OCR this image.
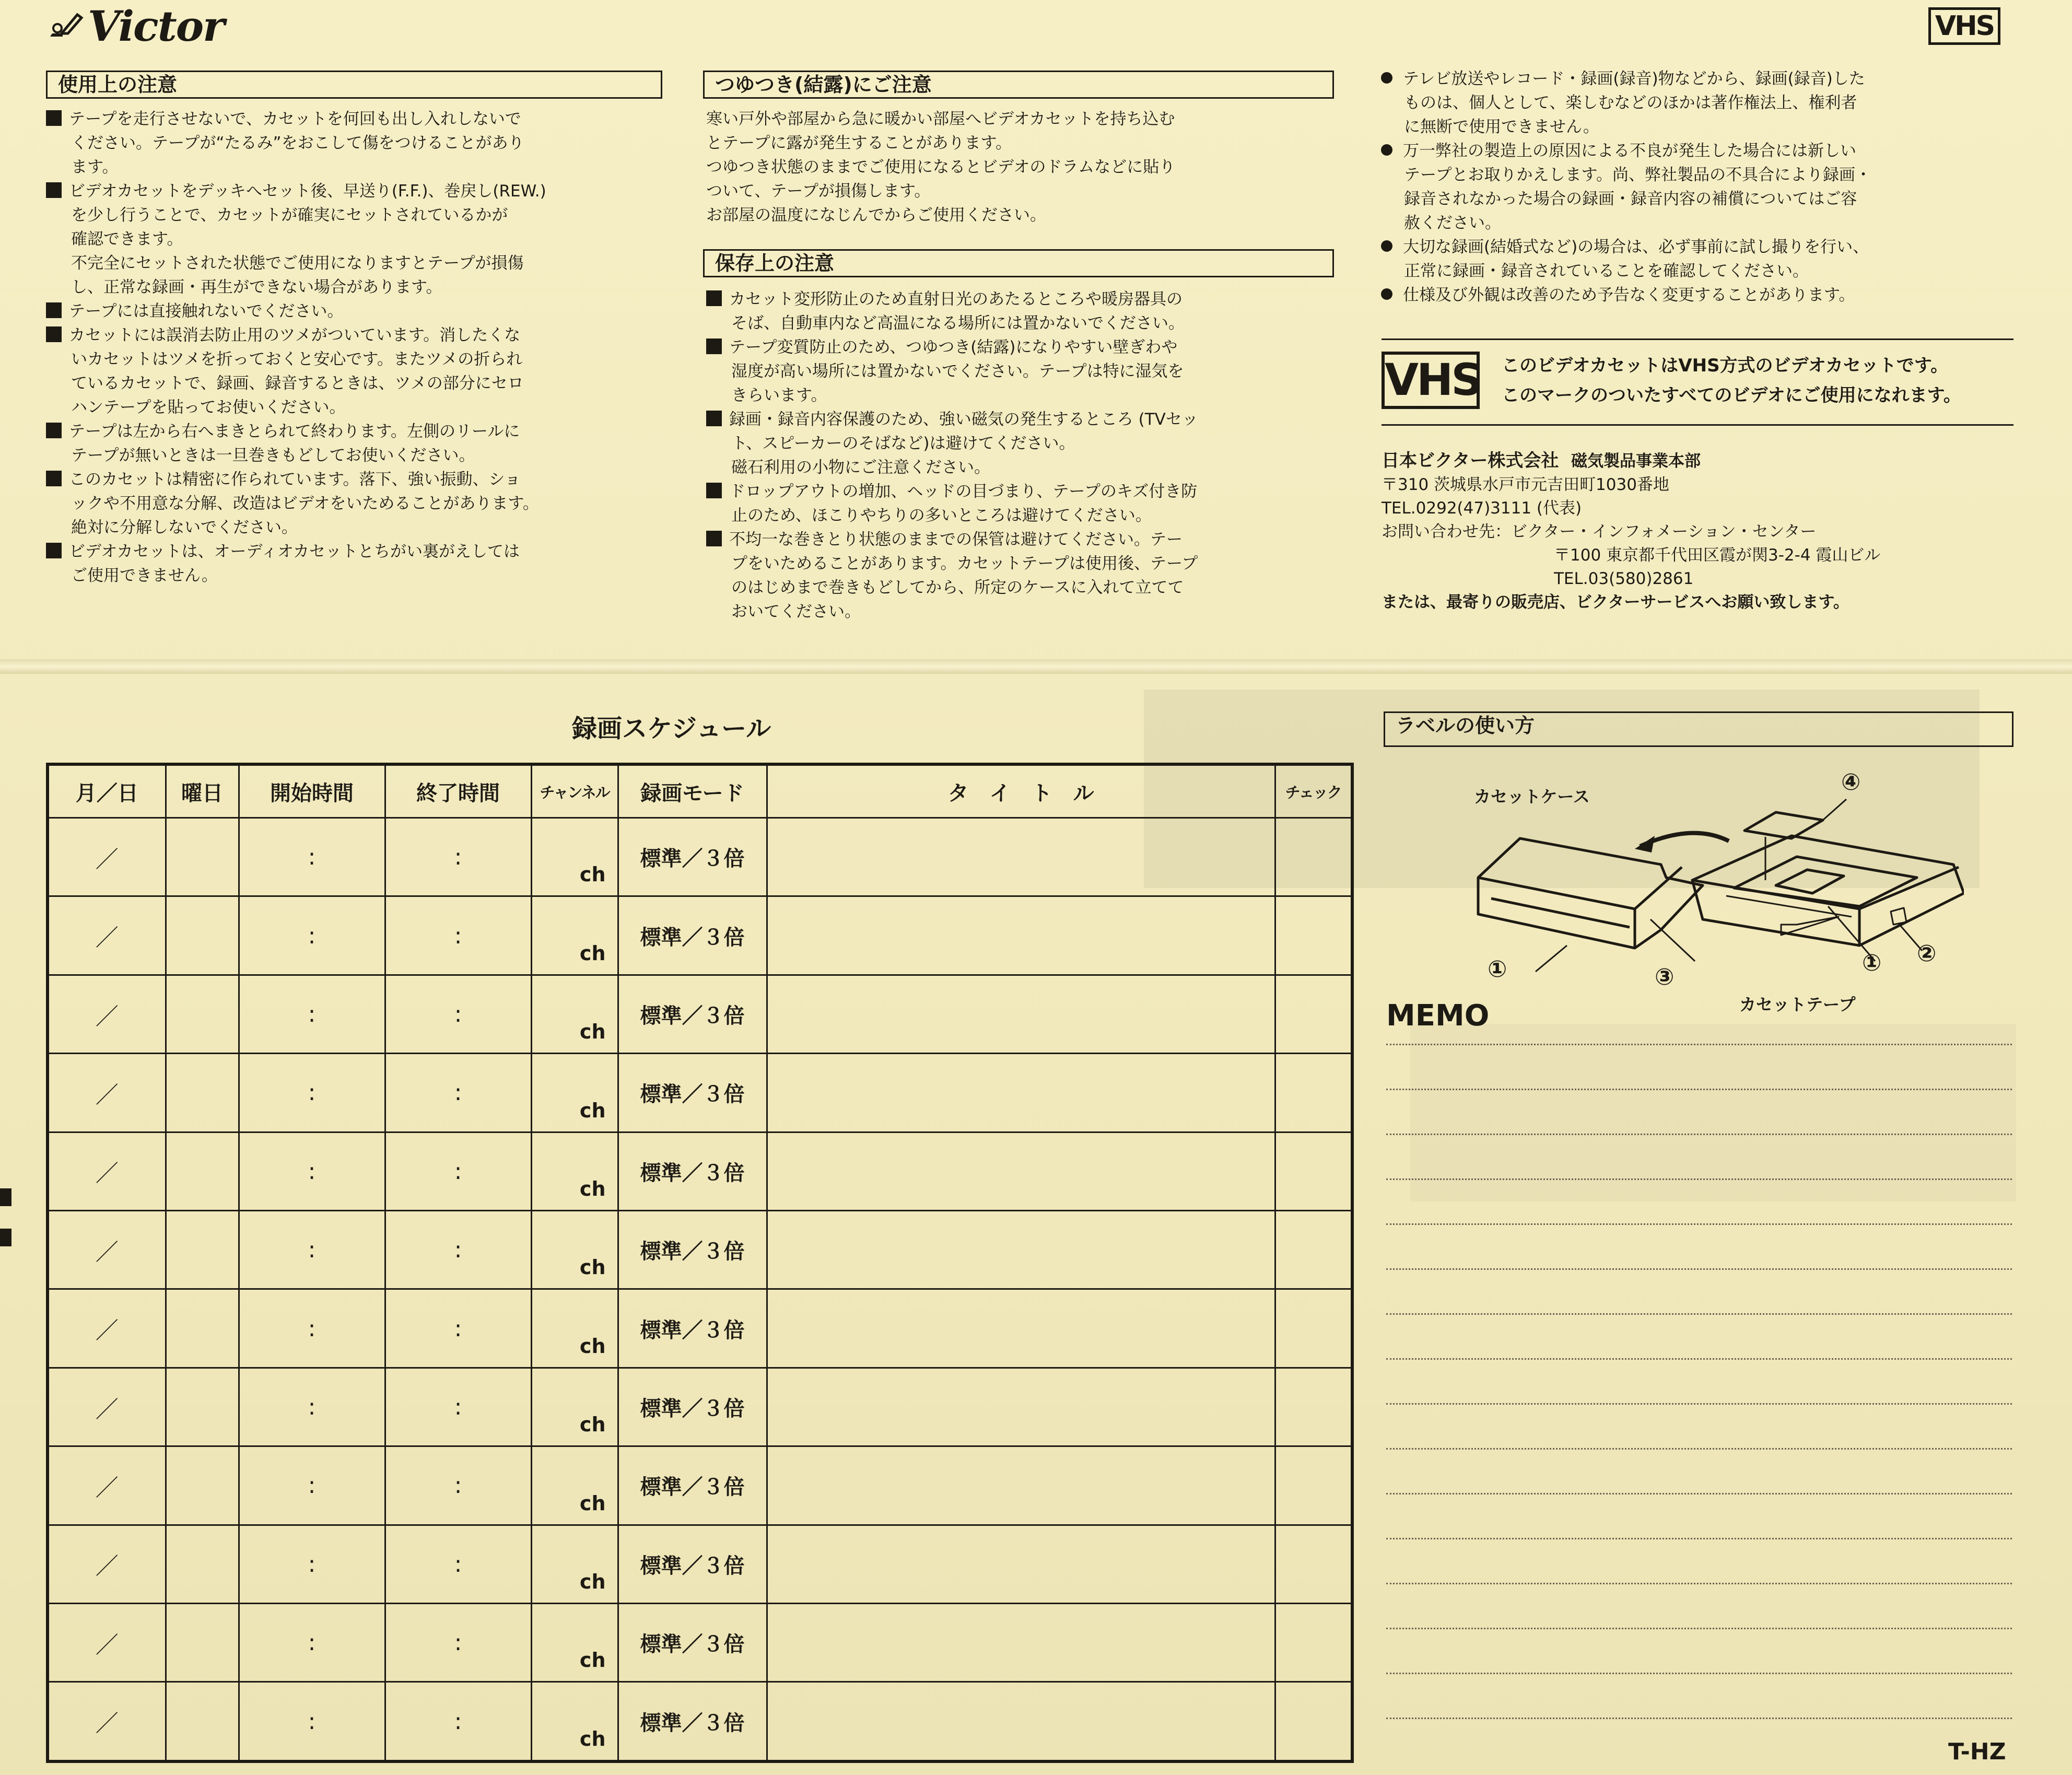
Victor	VHS
使用上の注意

テープを走行させないで、カセットを何回も出し入れしないで

ください。テープが“たるみ”をおこして傷をつけることがあり

ます。

ビデオカセットをデッキへセット後、早送り(F.F.)、巻戻し(REW.)

を少し行うことで、カセットが確実にセットされているかが

確認できます。

不完全にセットされた状態でご使用になりますとテープが損傷

し、正常な録画・再生ができない場合があります。

テープには直接触れないでください。

カセットには誤消去防止用のツメがついています。消したくな

いカセットはツメを折っておくと安心です。またツメの折られ

ているカセットで、録画、録音するときは、ツメの部分にセロ

ハンテープを貼ってお使いください。

テープは左から右へまきとられて終わります。左側のリールに

テープが無いときは一旦巻きもどしてお使いください。

このカセットは精密に作られています。落下、強い振動、ショ

ックや不用意な分解、改造はビデオをいためることがあります。

絶対に分解しないでください。

ビデオカセットは、オーディオカセットとちがい裏がえしては

ご使用できません。

つゆつき(結露)にご注意

寒い戸外や部屋から急に暖かい部屋へビデオカセットを持ち込む

とテープに露が発生することがあります。

つゆつき状態のままでご使用になるとビデオのドラムなどに貼り

ついて、テープが損傷します。

お部屋の温度になじんでからご使用ください。

保存上の注意

カセット変形防止のため直射日光のあたるところや暖房器具の

そば、自動車内など高温になる場所には置かないでください。

テープ変質防止のため、つゆつき(結露)になりやすい壁ぎわや

湿度が高い場所には置かないでください。テープは特に湿気を

きらいます。

録画・録音内容保護のため、強い磁気の発生するところ (TVセッ

ト、スピーカーのそばなど)は避けてください。

磁石利用の小物にご注意ください。

ドロップアウトの増加、ヘッドの目づまり、テープのキズ付き防

止のため、ほこりやちりの多いところは避けてください。

不均一な巻きとり状態のままでの保管は避けてください。テー

プをいためることがあります。カセットテープは使用後、テープ

のはじめまで巻きもどしてから、所定のケースに入れて立てて

おいてください。

テレビ放送やレコード・録画(録音)物などから、録画(録音)した

ものは、個人として、楽しむなどのほかは著作権法上、権利者

に無断で使用できません。

万一弊社の製造上の原因による不良が発生した場合には新しい

テープとお取りかえします。尚、弊社製品の不具合により録画・

録音されなかった場合の録画・録音内容の補償についてはご容

赦ください。

大切な録画(結婚式など)の場合は、必ず事前に試し撮りを行い、

正常に録画・録音されていることを確認してください。

仕様及び外観は改善のため予告なく変更することがあります。

VHS このビデオカセットはVHS方式のビデオカセットです。
このマークのついたすべてのビデオにご使用になれます。

日本ビクター株式会社 磁気製品事業本部

〒310 茨城県水戸市元吉田町1030番地

TEL.0292(47)3111 (代表)

お問い合わせ先：ビクター・インフォメーション・センター

〒100 東京都千代田区霞が関3-2-4 霞山ビル

TEL.03(580)2861

または、最寄りの販売店、ビクターサービスへお願い致します。

録画スケジュール
月／日	曜日	開始時間	終了時間	チャンネル	録画モード	タ　イ　ト　ル	チェック
／		:	:	ch	標準／３倍		
／		:	:	ch	標準／３倍		
／		:	:	ch	標準／３倍		
／		:	:	ch	標準／３倍		
／		:	:	ch	標準／３倍		
／		:	:	ch	標準／３倍		
／		:	:	ch	標準／３倍		
／		:	:	ch	標準／３倍		
／		:	:	ch	標準／３倍		
／		:	:	ch	標準／３倍		
／		:	:	ch	標準／３倍		
／		:	:	ch	標準／３倍		
ラベルの使い方
カセットケース
カセットテープ
①	③
① ②
④
MEMO
T-HZ
